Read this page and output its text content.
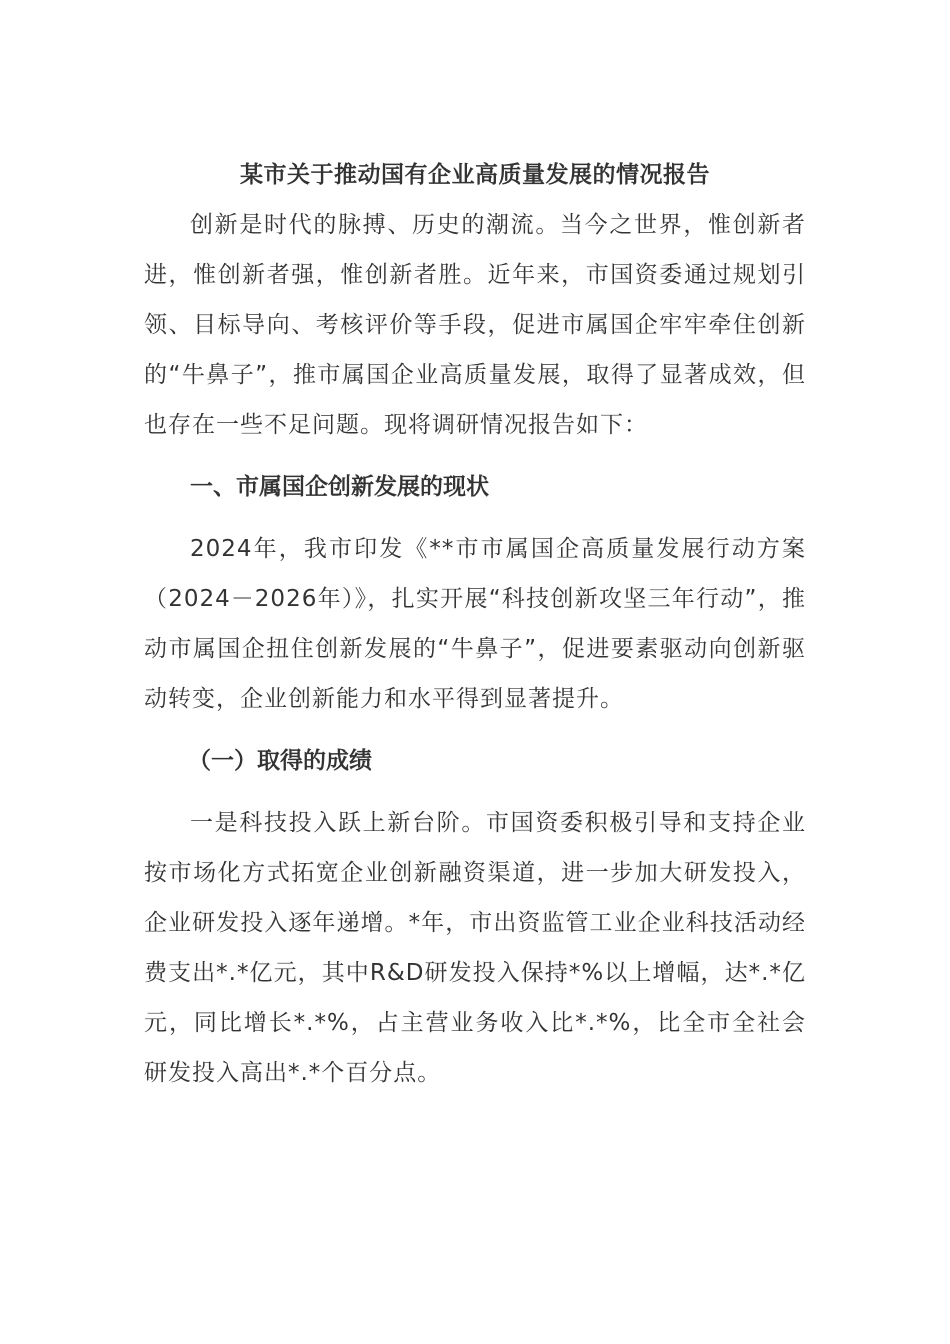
某市关于推动国有企业高质量发展的情况报告

创新是时代的脉搏、历史的潮流。当今之世界，惟创新者进，惟创新者强，惟创新者胜。近年来，市国资委通过规划引领、目标导向、考核评价等手段，促进市属国企牢牢牵住创新的“牛鼻子”，推市属国企业高质量发展，取得了显著成效，但也存在一些不足问题。现将调研情况报告如下：

一、市属国企创新发展的现状

2024年，我市印发《**市市属国企高质量发展行动方案（2024－2026年）》，扎实开展“科技创新攻坚三年行动”，推动市属国企扭住创新发展的“牛鼻子”，促进要素驱动向创新驱动转变，企业创新能力和水平得到显著提升。

（一）取得的成绩

一是科技投入跃上新台阶。市国资委积极引导和支持企业按市场化方式拓宽企业创新融资渠道，进一步加大研发投入，企业研发投入逐年递增。*年，市出资监管工业企业科技活动经费支出*.*亿元，其中R&D研发投入保持*%以上增幅，达*.*亿元，同比增长*.*%，占主营业务收入比*.*%，比全市全社会研发投入高出*.*个百分点。
